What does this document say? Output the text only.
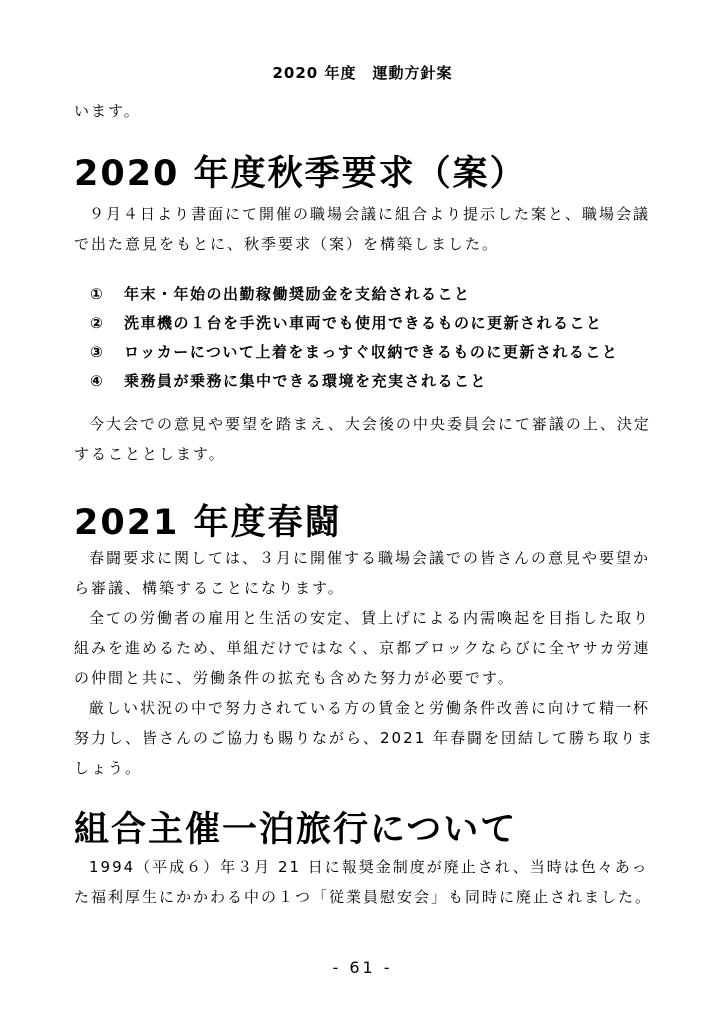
2020 年度　運動方針案
います。
2020 年度秋季要求（案）

９月４日より書面にて開催の職場会議に組合より提示した案と、職場会議で出た意見をもとに、秋季要求（案）を構築しました。

①	年末・年始の出勤稼働奨励金を支給されること
②	洗車機の１台を手洗い車両でも使用できるものに更新されること
③	ロッカーについて上着をまっすぐ収納できるものに更新されること
④	乗務員が乗務に集中できる環境を充実されること

今大会での意見や要望を踏まえ、大会後の中央委員会にて審議の上、決定することとします。

2021 年度春闘

春闘要求に関しては、３月に開催する職場会議での皆さんの意見や要望から審議、構築することになります。

全ての労働者の雇用と生活の安定、賃上げによる内需喚起を目指した取り組みを進めるため、単組だけではなく、京都ブロックならびに全ヤサカ労連の仲間と共に、労働条件の拡充も含めた努力が必要です。

厳しい状況の中で努力されている方の賃金と労働条件改善に向けて精一杯努力し、皆さんのご協力も賜りながら、2021 年春闘を団結して勝ち取りましょう。

組合主催一泊旅行について

1994（平成６）年３月 21 日に報奨金制度が廃止され、当時は色々あった福利厚生にかかわる中の１つ「従業員慰安会」も同時に廃止されました。

- 61 -
